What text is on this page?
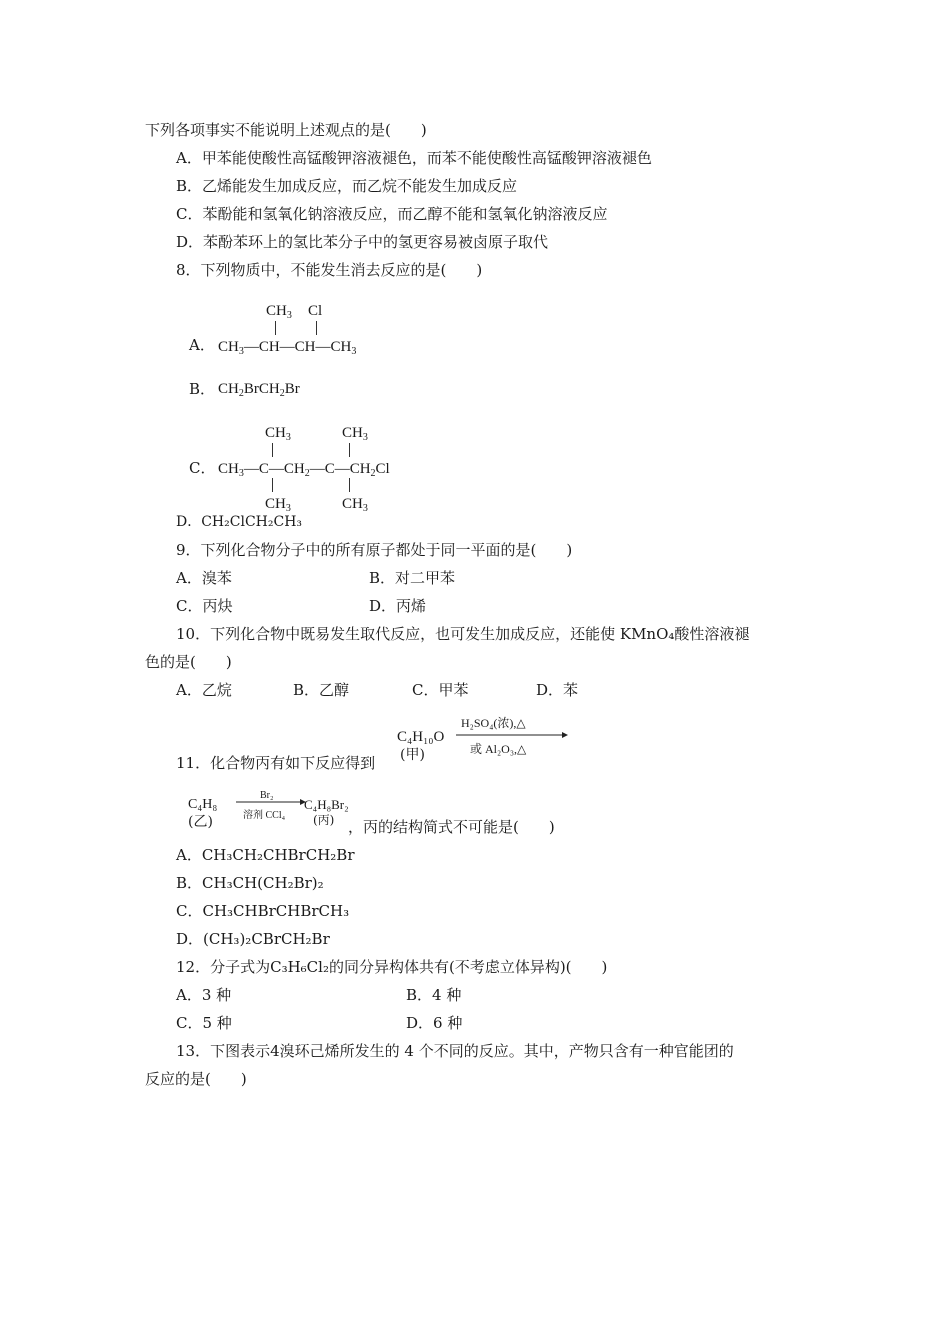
下列各项事实不能说明上述观点的是(　　)
A．甲苯能使酸性高锰酸钾溶液褪色，而苯不能使酸性高锰酸钾溶液褪色
B．乙烯能发生加成反应，而乙烷不能发生加成反应
C．苯酚能和氢氧化钠溶液反应，而乙醇不能和氢氧化钠溶液反应
D．苯酚苯环上的氢比苯分子中的氢更容易被卤原子取代
8．下列物质中，不能发生消去反应的是(　　)
A．
$CH_3$ Cl
$CH_3—CH—CH—CH_3$
B． $CH_2BrCH_2Br$
C．
$CH_3$	$CH_3$
$CH_3—C—CH_2—C—CH_2Cl$
$CH_3$	$CH_3$
D．CH₂ClCH₂CH₃
9．下列化合物分子中的所有原子都处于同一平面的是(　　)
A．溴苯	B．对二甲苯
C．丙炔	D．丙烯
10．下列化合物中既易发生取代反应，也可发生加成反应，还能使 KMnO₄酸性溶液褪
色的是(　　)
A．乙烷	B．乙醇	C．甲苯	D．苯
11．化合物丙有如下反应得到
C₄H₁₀O
(甲)
H₂SO₄(浓),△
或 Al₂O₃,△
C₄H₈
(乙)
Br₂
溶剂 CCl₄
C₄H₈Br₂
(丙) ，丙的结构简式不可能是(　　)
A．CH₃CH₂CHBrCH₂Br
B．CH₃CH(CH₂Br)₂
C．CH₃CHBrCHBrCH₃
D．(CH₃)₂CBrCH₂Br
12．分子式为C₃H₆Cl₂的同分异构体共有(不考虑立体异构)(　　)
A．3 种	B．4 种
C．5 种	D．6 种
13．下图表示4溴环己烯所发生的 4 个不同的反应。其中，产物只含有一种官能团的
反应的是(　　)
